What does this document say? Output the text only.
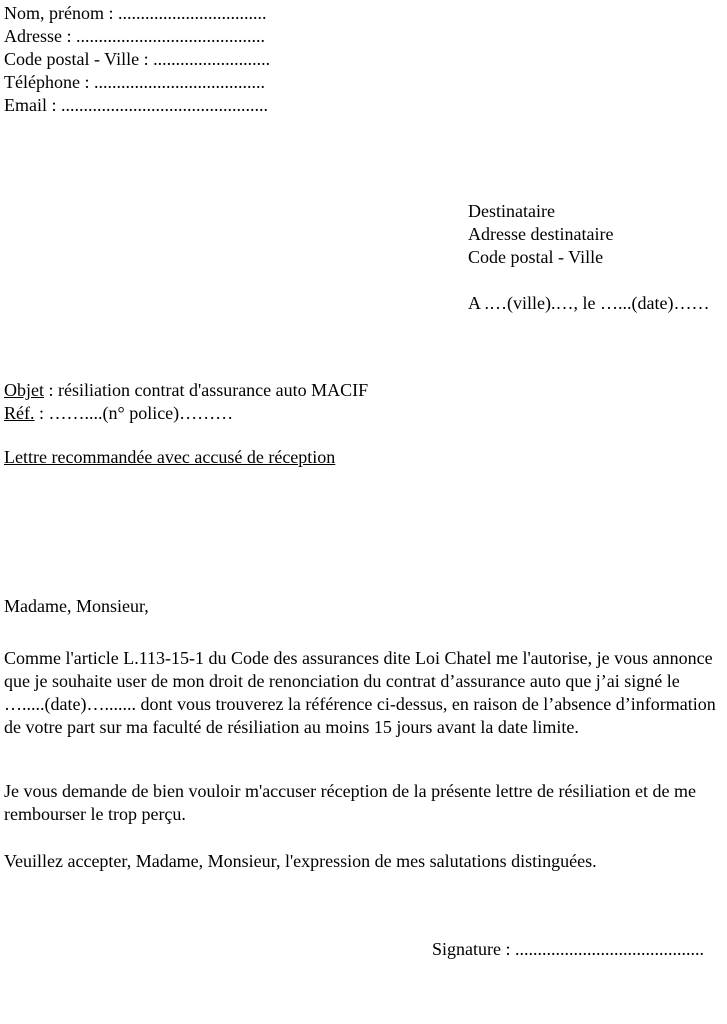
Nom, prénom : .................................
Adresse : ..........................................
Code postal - Ville : ..........................
Téléphone : ......................................
Email : ..............................................
Destinataire
Adresse destinataire
Code postal - Ville
A .…(ville).…, le …...(date)……
Objet : résiliation contrat d'assurance auto MACIF
Réf. : ……....(n° police)………
Lettre recommandée avec accusé de réception
Madame, Monsieur,

Comme l'article L.113-15-1 du Code des assurances dite Loi Chatel me l'autorise, je vous annonce que je souhaite user de mon droit de renonciation du contrat d’assurance auto que j’ai signé le ….....(date)…....... dont vous trouverez la référence ci-dessus, en raison de l’absence d’information de votre part sur ma faculté de résiliation au moins 15 jours avant la date limite.

Je vous demande de bien vouloir m'accuser réception de la présente lettre de résiliation et de me rembourser le trop perçu.

Veuillez accepter, Madame, Monsieur, l'expression de mes salutations distinguées.

Signature : ..........................................
